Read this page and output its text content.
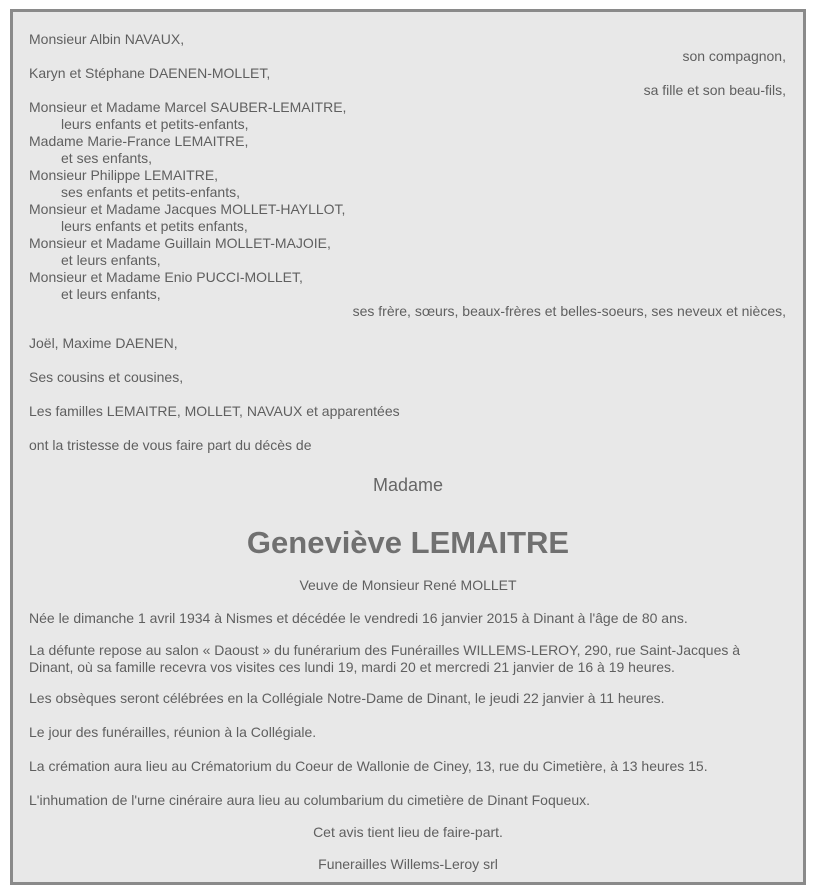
Monsieur Albin NAVAUX,
son compagnon,
Karyn et Stéphane DAENEN-MOLLET,
sa fille et son beau-fils,
Monsieur et Madame Marcel SAUBER-LEMAITRE,
leurs enfants et petits-enfants,
Madame Marie-France LEMAITRE,
et ses enfants,
Monsieur Philippe LEMAITRE,
ses enfants et petits-enfants,
Monsieur et Madame Jacques MOLLET-HAYLLOT,
leurs enfants et petits enfants,
Monsieur et Madame Guillain MOLLET-MAJOIE,
et leurs enfants,
Monsieur et Madame Enio PUCCI-MOLLET,
et leurs enfants,
ses frère, sœurs, beaux-frères et belles-soeurs, ses neveux et nièces,
Joël, Maxime DAENEN,
Ses cousins et cousines,
Les familles LEMAITRE, MOLLET, NAVAUX et apparentées
ont la tristesse de vous faire part du décès de
Madame
Geneviève LEMAITRE
Veuve de Monsieur René MOLLET
Née le dimanche 1 avril 1934 à Nismes et décédée le vendredi 16 janvier 2015 à Dinant à l'âge de 80 ans.
La défunte repose au salon « Daoust » du funérarium des Funérailles WILLEMS-LEROY, 290, rue Saint-Jacques à
Dinant, où sa famille recevra vos visites ces lundi 19, mardi 20 et mercredi 21 janvier de 16 à 19 heures.
Les obsèques seront célébrées en la Collégiale Notre-Dame de Dinant, le jeudi 22 janvier à 11 heures.
Le jour des funérailles, réunion à la Collégiale.
La crémation aura lieu au Crématorium du Coeur de Wallonie de Ciney, 13, rue du Cimetière, à 13 heures 15.
L'inhumation de l'urne cinéraire aura lieu au columbarium du cimetière de Dinant Foqueux.
Cet avis tient lieu de faire-part.
Funerailles Willems-Leroy srl
